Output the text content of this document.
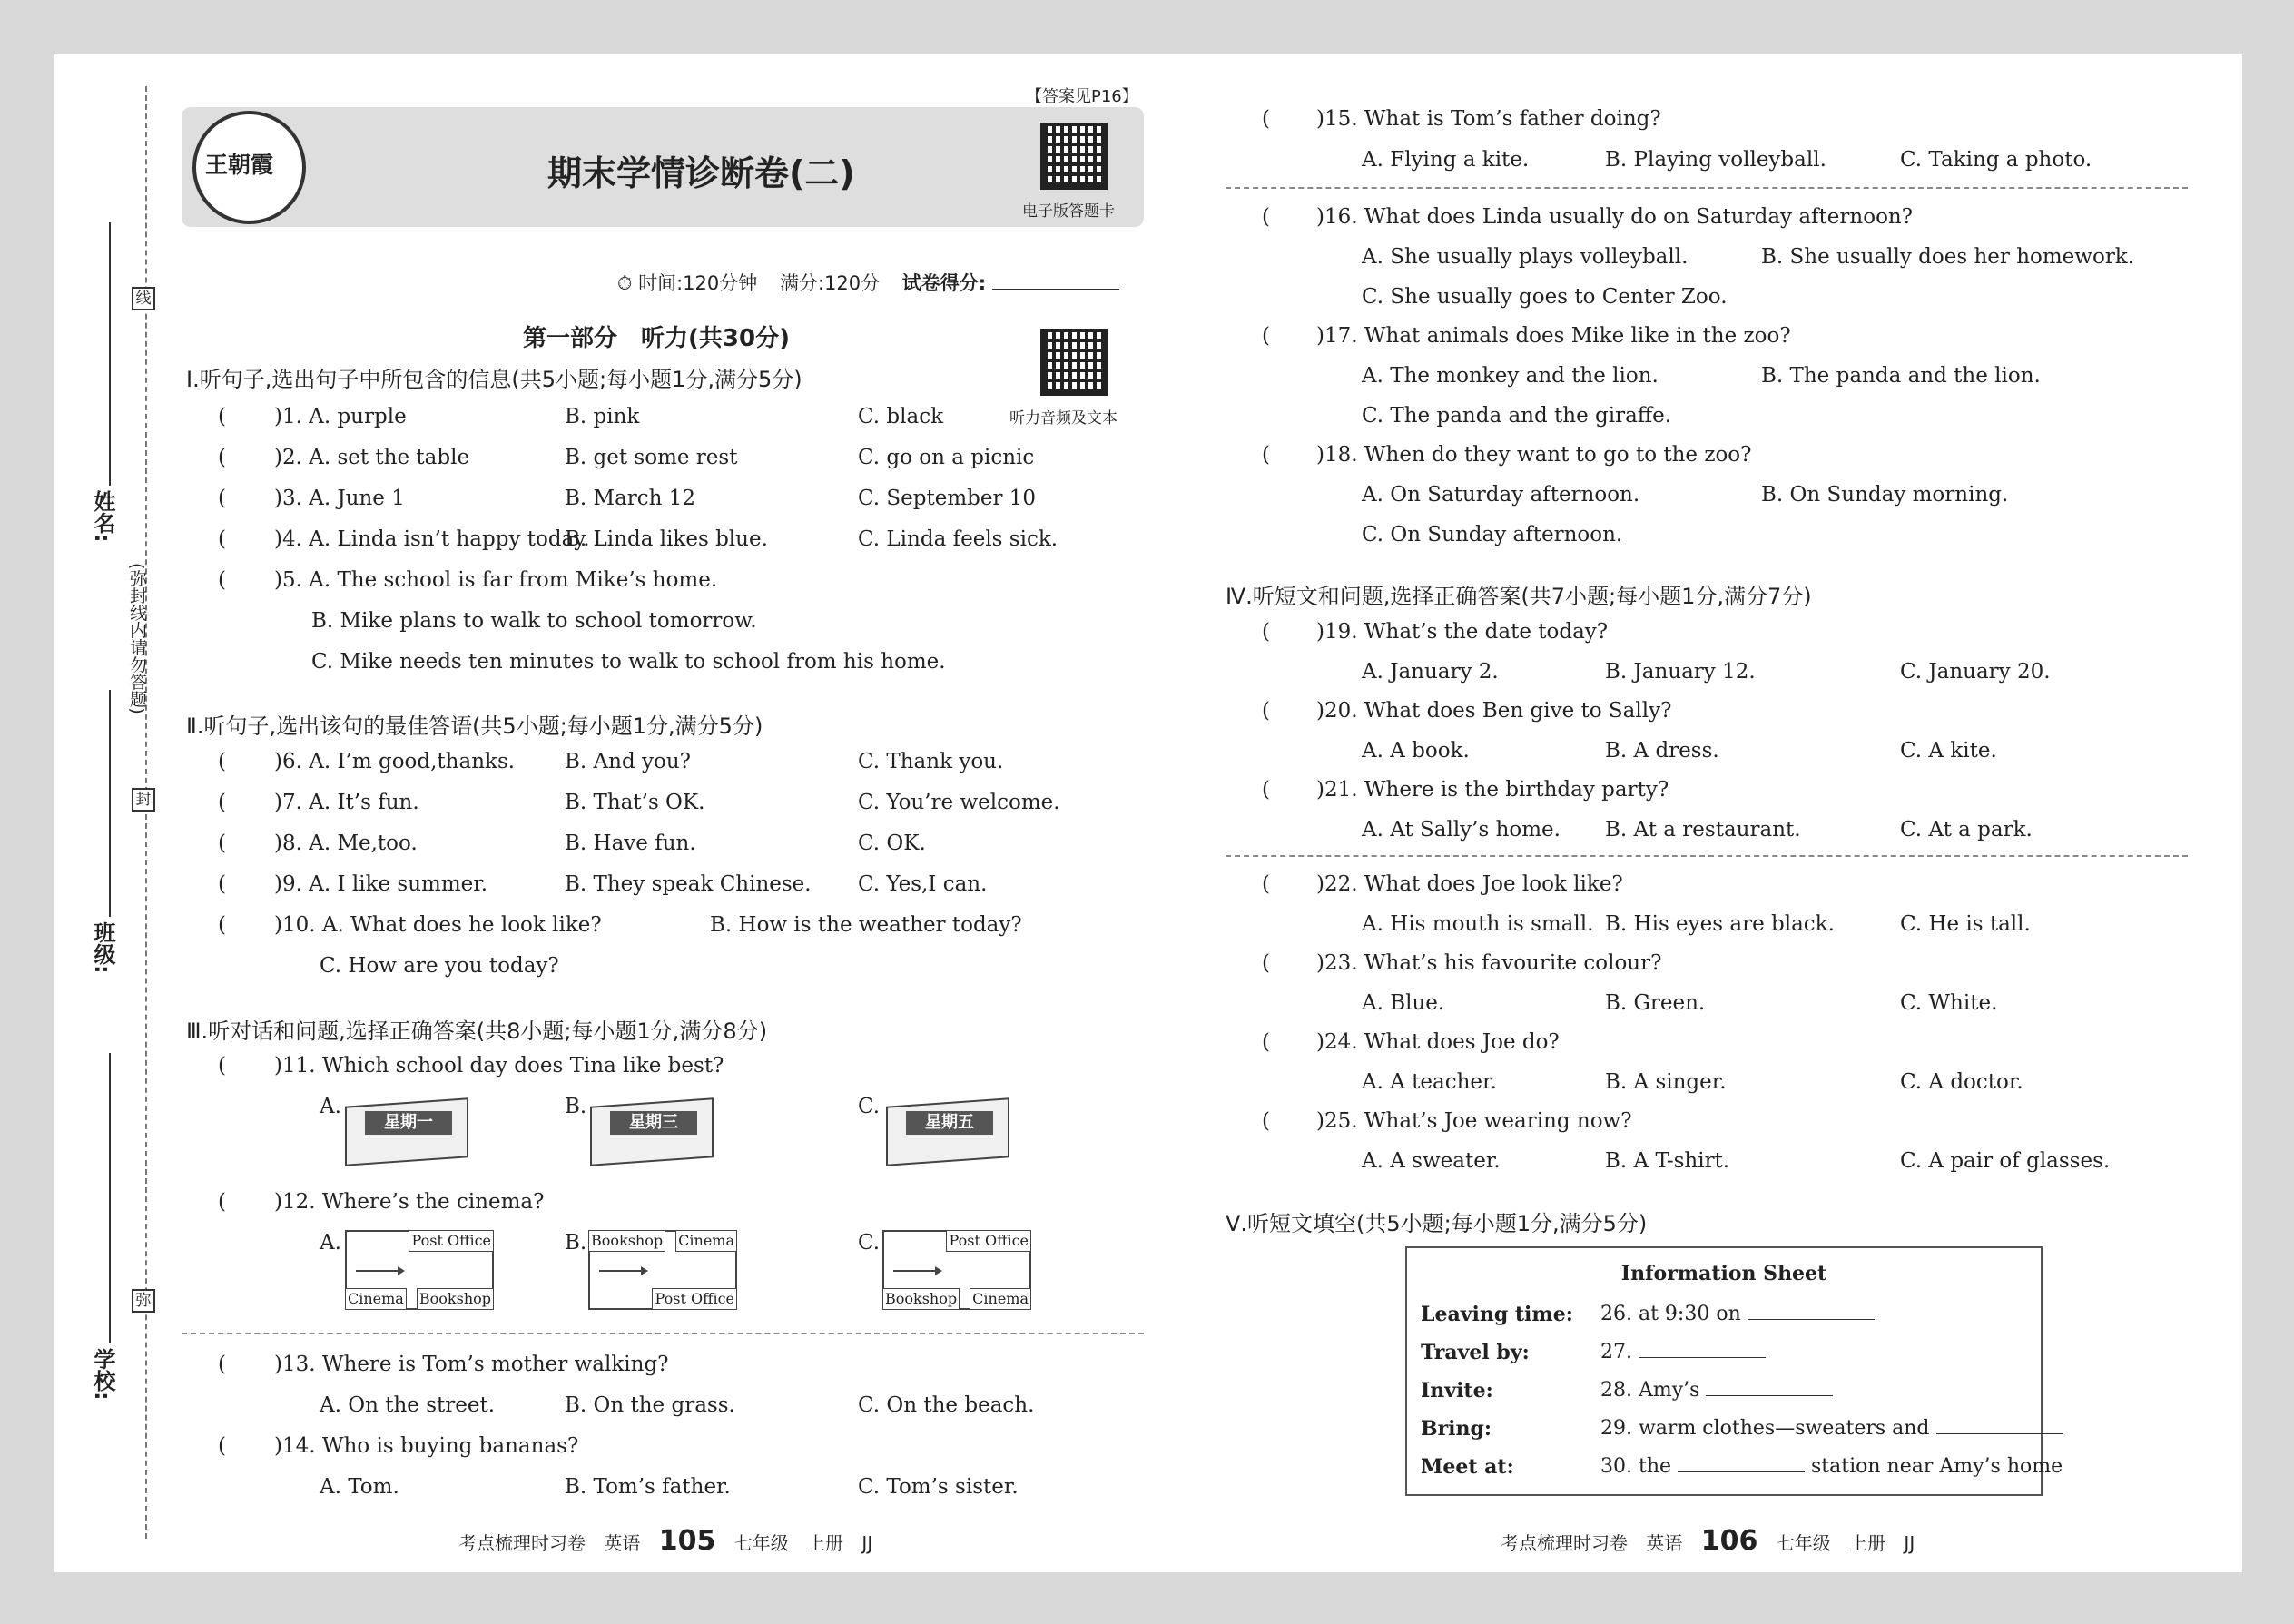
线
封
弥
(弥封线内请勿答题)
姓名:
班级:
学校:
王朝霞
【答案见P16】
期末学情诊断卷(二)
电子版答题卡
⏱ 时间:120分钟 满分:120分 试卷得分:
第一部分　听力(共30分)
听力音频及文本
Ⅰ.听句子,选出句子中所包含的信息(共5小题;每小题1分,满分5分)
( )1. A. purple	B. pink	C. black
( )2. A. set the table	B. get some rest	C. go on a picnic
( )3. A. June 1	B. March 12	C. September 10
( )4. A. Linda isn’t happy today.
B. Linda likes blue.	C. Linda feels sick.
( )5. A. The school is far from Mike’s home.
B. Mike plans to walk to school tomorrow.
C. Mike needs ten minutes to walk to school from his home.
Ⅱ.听句子,选出该句的最佳答语(共5小题;每小题1分,满分5分)
( )6. A. I’m good,thanks. B. And you?	C. Thank you.
( )7. A. It’s fun.	B. That’s OK.	C. You’re welcome.
( )8. A. Me,too.	B. Have fun.	C. OK.
( )9. A. I like summer.	B. They speak Chinese. C. Yes,I can.
( )10. A. What does he look like?	B. How is the weather today?
C. How are you today?
Ⅲ.听对话和问题,选择正确答案(共8小题;每小题1分,满分8分)
( )11. Which school day does Tina like best?
A.	B.	C.
星期一	星期三	星期五
( )12. Where’s the cinema?
A.	Post Office
Cinema Bookshop
B. Bookshop Cinema
Post Office
C.	Post Office
Bookshop Cinema
( )13. Where is Tom’s mother walking?
A. On the street.	B. On the grass.	C. On the beach.
( )14. Who is buying bananas?
A. Tom.	B. Tom’s father.	C. Tom’s sister.
考点梳理时习卷 英语 105 七年级 上册 JJ
( )15. What is Tom’s father doing?
A. Flying a kite.	B. Playing volleyball.	C. Taking a photo.
( )16. What does Linda usually do on Saturday afternoon?
A. She usually plays volleyball.	B. She usually does her homework.
C. She usually goes to Center Zoo.
( )17. What animals does Mike like in the zoo?
A. The monkey and the lion.	B. The panda and the lion.
C. The panda and the giraffe.
( )18. When do they want to go to the zoo?
A. On Saturday afternoon.	B. On Sunday morning.
C. On Sunday afternoon.
Ⅳ.听短文和问题,选择正确答案(共7小题;每小题1分,满分7分)
( )19. What’s the date today?
A. January 2.	B. January 12.	C. January 20.
( )20. What does Ben give to Sally?
A. A book.	B. A dress.	C. A kite.
( )21. Where is the birthday party?
A. At Sally’s home. B. At a restaurant.	C. At a park.
( )22. What does Joe look like?
A. His mouth is small. B. His eyes are black.	C. He is tall.
( )23. What’s his favourite colour?
A. Blue.	B. Green.	C. White.
( )24. What does Joe do?
A. A teacher.	B. A singer.	C. A doctor.
( )25. What’s Joe wearing now?
A. A sweater.	B. A T-shirt.	C. A pair of glasses.
Ⅴ.听短文填空(共5小题;每小题1分,满分5分)
Information Sheet
Leaving time: 26. at 9:30 on
Travel by:	27.
Invite:	28. Amy’s
Bring:	29. warm clothes—sweaters and
Meet at:	30. the	station near Amy’s home
考点梳理时习卷 英语 106 七年级 上册 JJ
